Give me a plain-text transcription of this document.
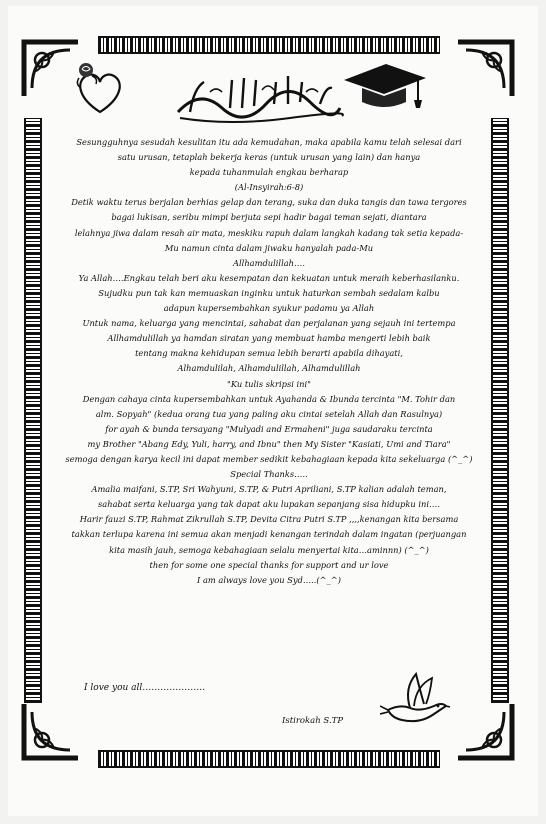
Sesungguhnya sesudah kesulitan itu ada kemudahan, maka apabila kamu telah selesai dari
satu urusan, tetaplah bekerja keras (untuk urusan yang lain) dan hanya
kepada tuhanmulah engkau berharap
(Al-Insyirah:6-8)
Detik waktu terus berjalan berhias gelap dan terang, suka dan duka tangis dan tawa tergores
bagai lukisan, seribu mimpi berjuta sepi hadir bagai teman sejati, diantara
lelahnya jiwa dalam resah air mata, meskiku rapuh dalam langkah kadang tak setia kepada-
Mu namun cinta dalam jiwaku hanyalah pada-Mu
Allhamdulillah….
Ya Allah….Engkau telah beri aku kesempatan dan kekuatan untuk meraih keberhasilanku.
Sujudku pun tak kan memuaskan inginku untuk haturkan sembah sedalam kalbu
adapun kupersembahkan syukur padamu ya Allah
Untuk nama, keluarga yang mencintai, sahabat dan perjalanan yang sejauh ini tertempa
Allhamdulillah ya hamdan siratan yang membuat hamba mengerti lebih baik
tentang makna kehidupan semua lebih berarti apabila dihayati,
Alhamdulilah, Alhamdulillah, Alhamdulillah
"Ku tulis skripsi ini"
Dengan cahaya cinta kupersembahkan untuk Ayahanda & Ibunda tercinta "M. Tohir dan
alm. Sopyah" (kedua orang tua yang paling aku cintai setelah Allah dan Rasulnya)
for ayah & bunda tersayang "Mulyadi and Ermaheni" juga saudaraku tercinta
my Brother "Abang Edy, Yuli, harry, and Ibnu" then My Sister "Kasiati, Umi and Tiara"
semoga dengan karya kecil ini dapat member sedikit kebahagiaan kepada kita sekeluarga (^_^)
Special Thanks…..
Amalia maifani, S.TP, Sri Wahyuni, S.TP, & Putri Apriliani, S.TP kalian adalah teman,
sahabat serta keluarga yang tak dapat aku lupakan sepanjang sisa hidupku ini….
Harir fauzi S.TP, Rahmat Zikrullah S.TP, Devita Citra Putri S.TP ,,,,kenangan kita bersama
takkan terlupa karena ini semua akan menjadi kenangan terindah dalam ingatan (perjuangan
kita masih jauh, semoga kebahagiaan selalu menyertai kita…aminnn) (^_^)
then for some one special thanks for support and ur love
I am always love you Syd…..(^_^)
I love you all…………………
Istirokah S.TP
